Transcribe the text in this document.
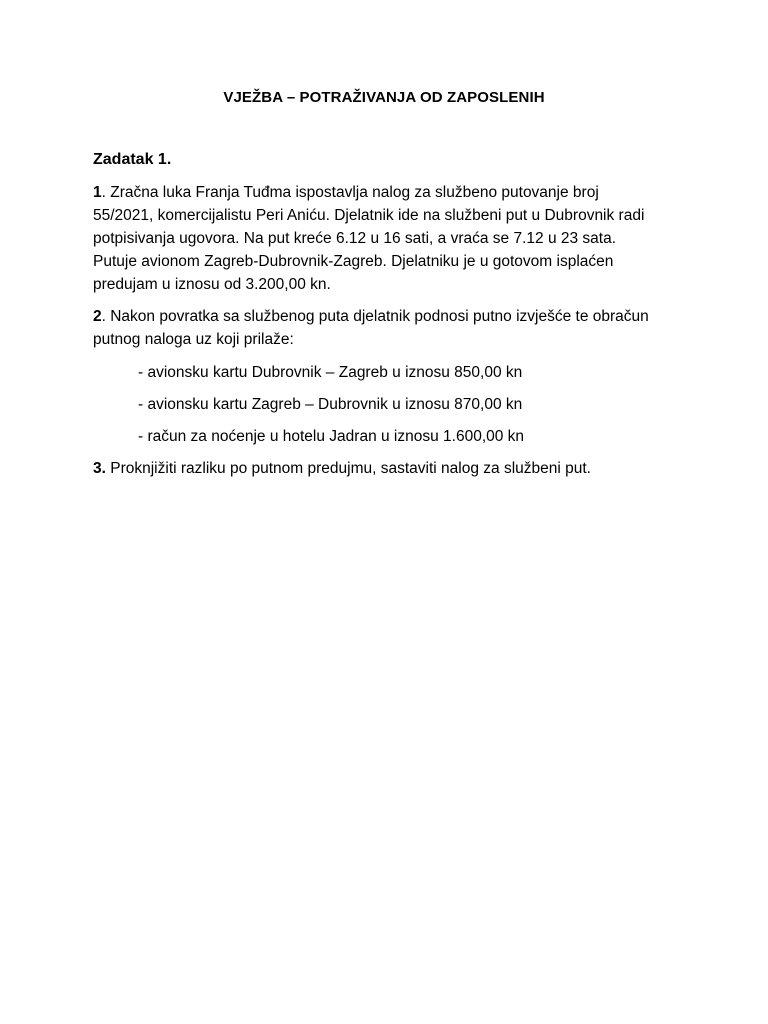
VJEŽBA – POTRAŽIVANJA OD ZAPOSLENIH
Zadatak 1.
1. Zračna luka Franja Tuđma ispostavlja nalog za službeno putovanje broj 55/2021, komercijalistu Peri Aniću. Djelatnik ide na službeni put u Dubrovnik radi potpisivanja ugovora. Na put kreće 6.12 u 16 sati, a vraća se 7.12 u 23 sata. Putuje avionom Zagreb-Dubrovnik-Zagreb. Djelatniku je u gotovom isplaćen predujam u iznosu od 3.200,00 kn.
2. Nakon povratka sa službenog puta djelatnik podnosi putno izvješće te obračun putnog naloga uz koji prilaže:
- avionsku kartu Dubrovnik – Zagreb u iznosu 850,00 kn
- avionsku kartu Zagreb – Dubrovnik u iznosu 870,00 kn
- račun za noćenje u hotelu Jadran u iznosu 1.600,00 kn
3. Proknjižiti razliku po putnom predujmu, sastaviti nalog za službeni put.
